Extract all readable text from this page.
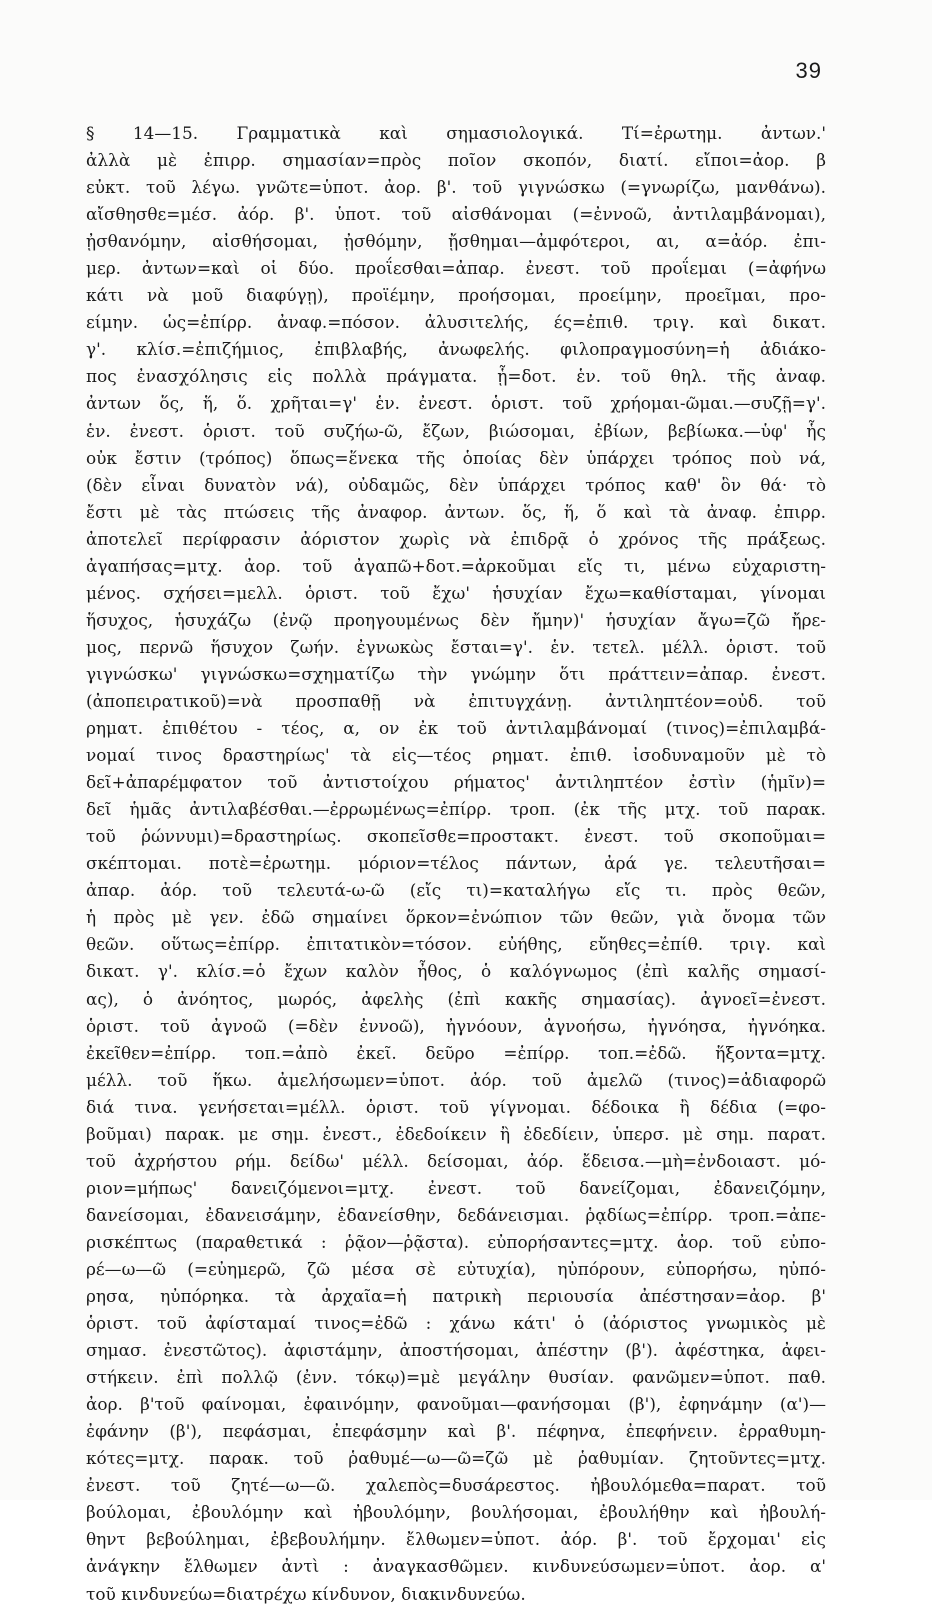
39
§ 14—15. Γραμματικὰ καὶ σημασιολογικά. Τί=ἐρωτημ. ἀντων.'
ἀλλὰ μὲ ἐπιρρ. σημασίαν=πρὸς ποῖον σκοπόν, διατί. εἴποι=ἀορ. β
εὐκτ. τοῦ λέγω. γνῶτε=ὑποτ. ἀορ. β'. τοῦ γιγνώσκω (=γνωρίζω, μανθάνω).
αἴσθησθε=μέσ. ἀόρ. β'. ὑποτ. τοῦ αἰσθάνομαι (=ἐννοῶ, ἀντιλαμβάνομαι),
ᾐσθανόμην, αἰσθήσομαι, ᾐσθόμην, ᾔσθημαι—ἀμφότεροι, αι, α=ἀόρ. ἐπι-
μερ. ἀντων=καὶ οἱ δύο. προΐεσθαι=ἀπαρ. ἐνεστ. τοῦ προΐεμαι (=ἀφήνω
κάτι νὰ μοῦ διαφύγῃ), προϊέμην, προήσομαι, προείμην, προεῖμαι, προ-
είμην. ὡς=ἐπίρρ. ἀναφ.=πόσον. ἀλυσιτελής, ές=ἐπιθ. τριγ. καὶ δικατ.
γ'. κλίσ.=ἐπιζήμιος, ἐπιβλαβής, ἀνωφελής. φιλοπραγμοσύνη=ἡ ἀδιάκο-
πος ἐνασχόλησις εἰς πολλὰ πράγματα. ᾗ=δοτ. ἑν. τοῦ θηλ. τῆς ἀναφ.
ἀντων ὅς, ἥ, ὅ. χρῆται=γ' ἑν. ἐνεστ. ὁριστ. τοῦ χρήομαι-ῶμαι.—συζῇ=γ'.
ἑν. ἐνεστ. ὁριστ. τοῦ συζήω-ῶ, ἔζων, βιώσομαι, ἐβίων, βεβίωκα.—ὑφ' ἧς
οὐκ ἔστιν (τρόπος) ὅπως=ἕνεκα τῆς ὁποίας δὲν ὑπάρχει τρόπος ποὺ νά,
(δὲν εἶναι δυνατὸν νά), οὐδαμῶς, δὲν ὑπάρχει τρόπος καθ' ὃν θά· τὸ
ἔστι μὲ τὰς πτώσεις τῆς ἀναφορ. ἀντων. ὅς, ἥ, ὅ καὶ τὰ ἀναφ. ἐπιρρ.
ἀποτελεῖ περίφρασιν ἀόριστον χωρὶς νὰ ἐπιδρᾷ ὁ χρόνος τῆς πράξεως.
ἀγαπήσας=μτχ. ἀορ. τοῦ ἀγαπῶ+δοτ.=ἀρκοῦμαι εἴς τι, μένω εὐχαριστη-
μένος. σχήσει=μελλ. ὁριστ. τοῦ ἔχω' ἡσυχίαν ἔχω=καθίσταμαι, γίνομαι
ἥσυχος, ἡσυχάζω (ἐνῷ προηγουμένως δὲν ἤμην)' ἡσυχίαν ἄγω=ζῶ ἤρε-
μος, περνῶ ἥσυχον ζωήν. ἐγνωκὼς ἔσται=γ'. ἑν. τετελ. μέλλ. ὁριστ. τοῦ
γιγνώσκω' γιγνώσκω=σχηματίζω τὴν γνώμην ὅτι πράττειν=ἀπαρ. ἐνεστ.
(ἀποπειρατικοῦ)=νὰ προσπαθῇ νὰ ἐπιτυγχάνῃ. ἀντιληπτέον=οὐδ. τοῦ
ρηματ. ἐπιθέτου - τέος, α, ον ἐκ τοῦ ἀντιλαμβάνομαί (τινος)=ἐπιλαμβά-
νομαί τινος δραστηρίως' τὰ εἰς—τέος ρηματ. ἐπιθ. ἰσοδυναμοῦν μὲ τὸ
δεῖ+ἀπαρέμφατον τοῦ ἀντιστοίχου ρήματος' ἀντιληπτέον ἐστὶν (ἡμῖν)=
δεῖ ἡμᾶς ἀντιλαβέσθαι.—ἐρρωμένως=ἐπίρρ. τροπ. (ἐκ τῆς μτχ. τοῦ παρακ.
τοῦ ῥώννυμι)=δραστηρίως. σκοπεῖσθε=προστακτ. ἐνεστ. τοῦ σκοποῦμαι=
σκέπτομαι. ποτὲ=ἐρωτημ. μόριον=τέλος πάντων, ἀρά γε. τελευτῆσαι=
ἀπαρ. ἀόρ. τοῦ τελευτά-ω-ῶ (εἴς τι)=καταλήγω εἴς τι. πρὸς θεῶν,
ἡ πρὸς μὲ γεν. ἐδῶ σημαίνει ὅρκον=ἐνώπιον τῶν θεῶν, γιὰ ὄνομα τῶν
θεῶν. οὕτως=ἐπίρρ. ἐπιτατικὸν=τόσον. εὐήθης, εὔηθες=ἐπίθ. τριγ. καὶ
δικατ. γ'. κλίσ.=ὁ ἔχων καλὸν ἦθος, ὁ καλόγνωμος (ἐπὶ καλῆς σημασί-
ας), ὁ ἀνόητος, μωρός, ἀφελὴς (ἐπὶ κακῆς σημασίας). ἀγνοεῖ=ἐνεστ.
ὁριστ. τοῦ ἀγνοῶ (=δὲν ἐννοῶ), ἠγνόουν, ἀγνοήσω, ἠγνόησα, ἠγνόηκα.
ἐκεῖθεν=ἐπίρρ. τοπ.=ἀπὸ ἐκεῖ. δεῦρο =ἐπίρρ. τοπ.=ἐδῶ. ἥξοντα=μτχ.
μέλλ. τοῦ ἥκω. ἀμελήσωμεν=ὑποτ. ἀόρ. τοῦ ἀμελῶ (τινος)=ἀδιαφορῶ
διά τινα. γενήσεται=μέλλ. ὁριστ. τοῦ γίγνομαι. δέδοικα ἢ δέδια (=φο-
βοῦμαι) παρακ. με σημ. ἐνεστ., ἐδεδοίκειν ἢ ἐδεδίειν, ὑπερσ. μὲ σημ. παρατ.
τοῦ ἀχρήστου ρήμ. δείδω' μέλλ. δείσομαι, ἀόρ. ἔδεισα.—μὴ=ἐνδοιαστ. μό-
ριον=μήπως' δανειζόμενοι=μτχ. ἐνεστ. τοῦ δανείζομαι, ἐδανειζόμην,
δανείσομαι, ἐδανεισάμην, ἐδανείσθην, δεδάνεισμαι. ῥᾳδίως=ἐπίρρ. τροπ.=ἀπε-
ρισκέπτως (παραθετικά : ῥᾷον—ῥᾷστα). εὐπορήσαντες=μτχ. ἀορ. τοῦ εὐπο-
ρέ—ω—ῶ (=εὐημερῶ, ζῶ μέσα σὲ εὐτυχία), ηὐπόρουν, εὐπορήσω, ηὐπό-
ρησα, ηὐπόρηκα. τὰ ἀρχαῖα=ἡ πατρικὴ περιουσία ἀπέστησαν=ἀορ. β'
ὁριστ. τοῦ ἀφίσταμαί τινος=ἐδῶ : χάνω κάτι' ὁ (ἀόριστος γνωμικὸς μὲ
σημασ. ἐνεστῶτος). ἀφιστάμην, ἀποστήσομαι, ἀπέστην (β'). ἀφέστηκα, ἀφει-
στήκειν. ἐπὶ πολλῷ (ἐνν. τόκῳ)=μὲ μεγάλην θυσίαν. φανῶμεν=ὑποτ. παθ.
ἀορ. β'τοῦ φαίνομαι, ἐφαινόμην, φανοῦμαι—φανήσομαι (β'), ἐφηνάμην (α')—
ἐφάνην (β'), πεφάσμαι, ἐπεφάσμην καὶ β'. πέφηνα, ἐπεφήνειν. ἐρραθυμη-
κότες=μτχ. παρακ. τοῦ ῥαθυμέ—ω—ῶ=ζῶ μὲ ῥαθυμίαν. ζητοῦντες=μτχ.
ἐνεστ. τοῦ ζητέ—ω—ῶ. χαλεπὸς=δυσάρεστος. ἠβουλόμεθα=παρατ. τοῦ
βούλομαι, ἐβουλόμην καὶ ἠβουλόμην, βουλήσομαι, ἐβουλήθην καὶ ἠβουλή-
θηντ βεβούλημαι, ἐβεβουλήμην. ἔλθωμεν=ὑποτ. ἀόρ. β'. τοῦ ἔρχομαι' εἰς
ἀνάγκην ἔλθωμεν ἀντὶ : ἀναγκασθῶμεν. κινδυνεύσωμεν=ὑποτ. ἀορ. α'
τοῦ κινδυνεύω=διατρέχω κίνδυνον, διακινδυνεύω.
